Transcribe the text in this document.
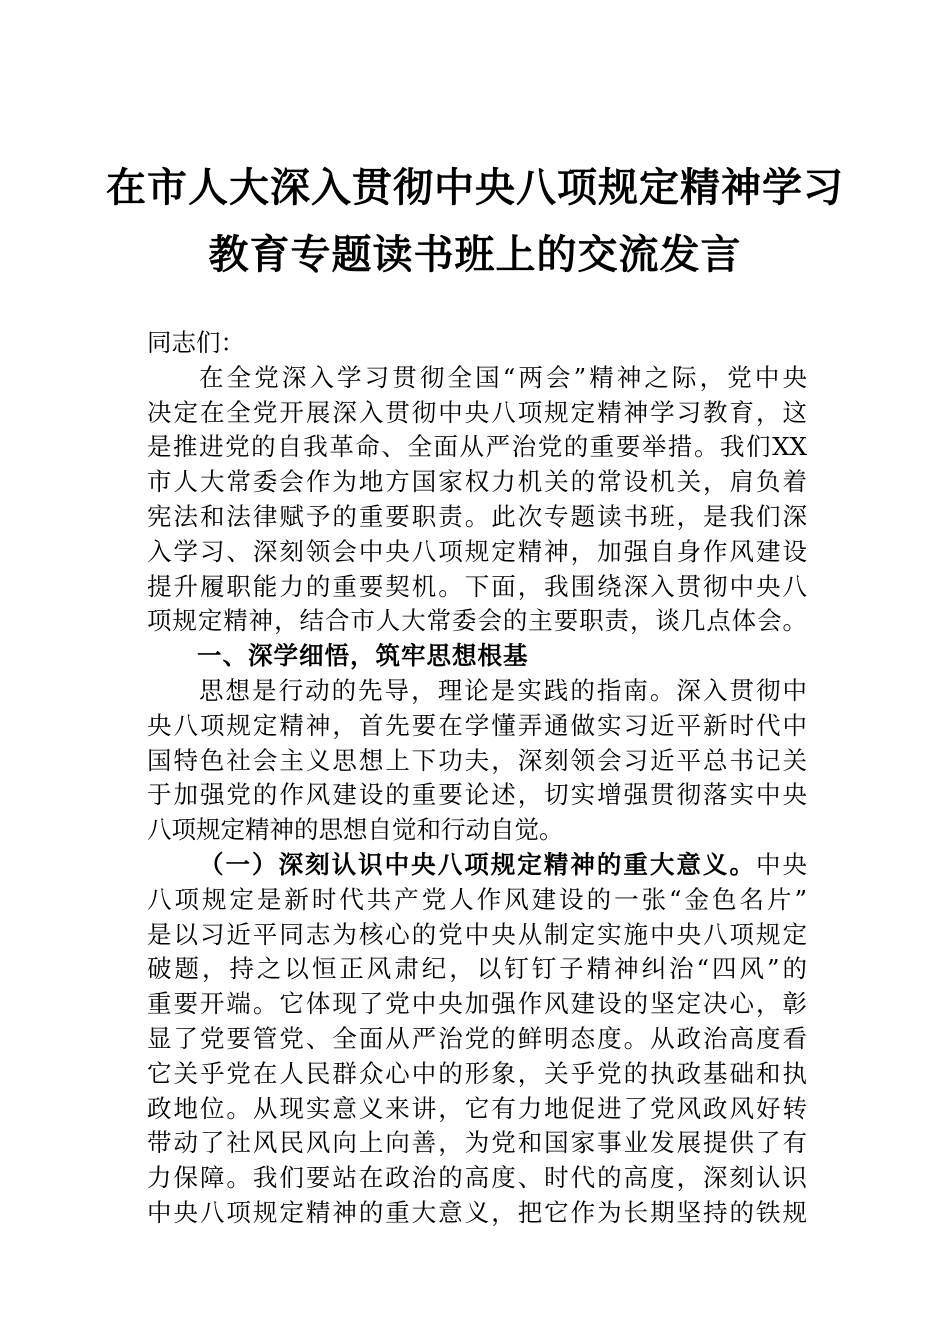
在市人大深入贯彻中央八项规定精神学习
教育专题读书班上的交流发言
同志们：
在全党深入学习贯彻全国“两会”精神之际，党中央
决定在全党开展深入贯彻中央八项规定精神学习教育，这
是推进党的自我革命、全面从严治党的重要举措。我们XX
市人大常委会作为地方国家权力机关的常设机关，肩负着
宪法和法律赋予的重要职责。此次专题读书班，是我们深
入学习、深刻领会中央八项规定精神，加强自身作风建设
提升履职能力的重要契机。下面，我围绕深入贯彻中央八
项规定精神，结合市人大常委会的主要职责，谈几点体会。
一、深学细悟，筑牢思想根基
思想是行动的先导，理论是实践的指南。深入贯彻中
央八项规定精神，首先要在学懂弄通做实习近平新时代中
国特色社会主义思想上下功夫，深刻领会习近平总书记关
于加强党的作风建设的重要论述，切实增强贯彻落实中央
八项规定精神的思想自觉和行动自觉。
（一）深刻认识中央八项规定精神的重大意义。中央
八项规定是新时代共产党人作风建设的一张“金色名片”
是以习近平同志为核心的党中央从制定实施中央八项规定
破题，持之以恒正风肃纪，以钉钉子精神纠治“四风”的
重要开端。它体现了党中央加强作风建设的坚定决心，彰
显了党要管党、全面从严治党的鲜明态度。从政治高度看
它关乎党在人民群众心中的形象，关乎党的执政基础和执
政地位。从现实意义来讲，它有力地促进了党风政风好转
带动了社风民风向上向善，为党和国家事业发展提供了有
力保障。我们要站在政治的高度、时代的高度，深刻认识
中央八项规定精神的重大意义，把它作为长期坚持的铁规
